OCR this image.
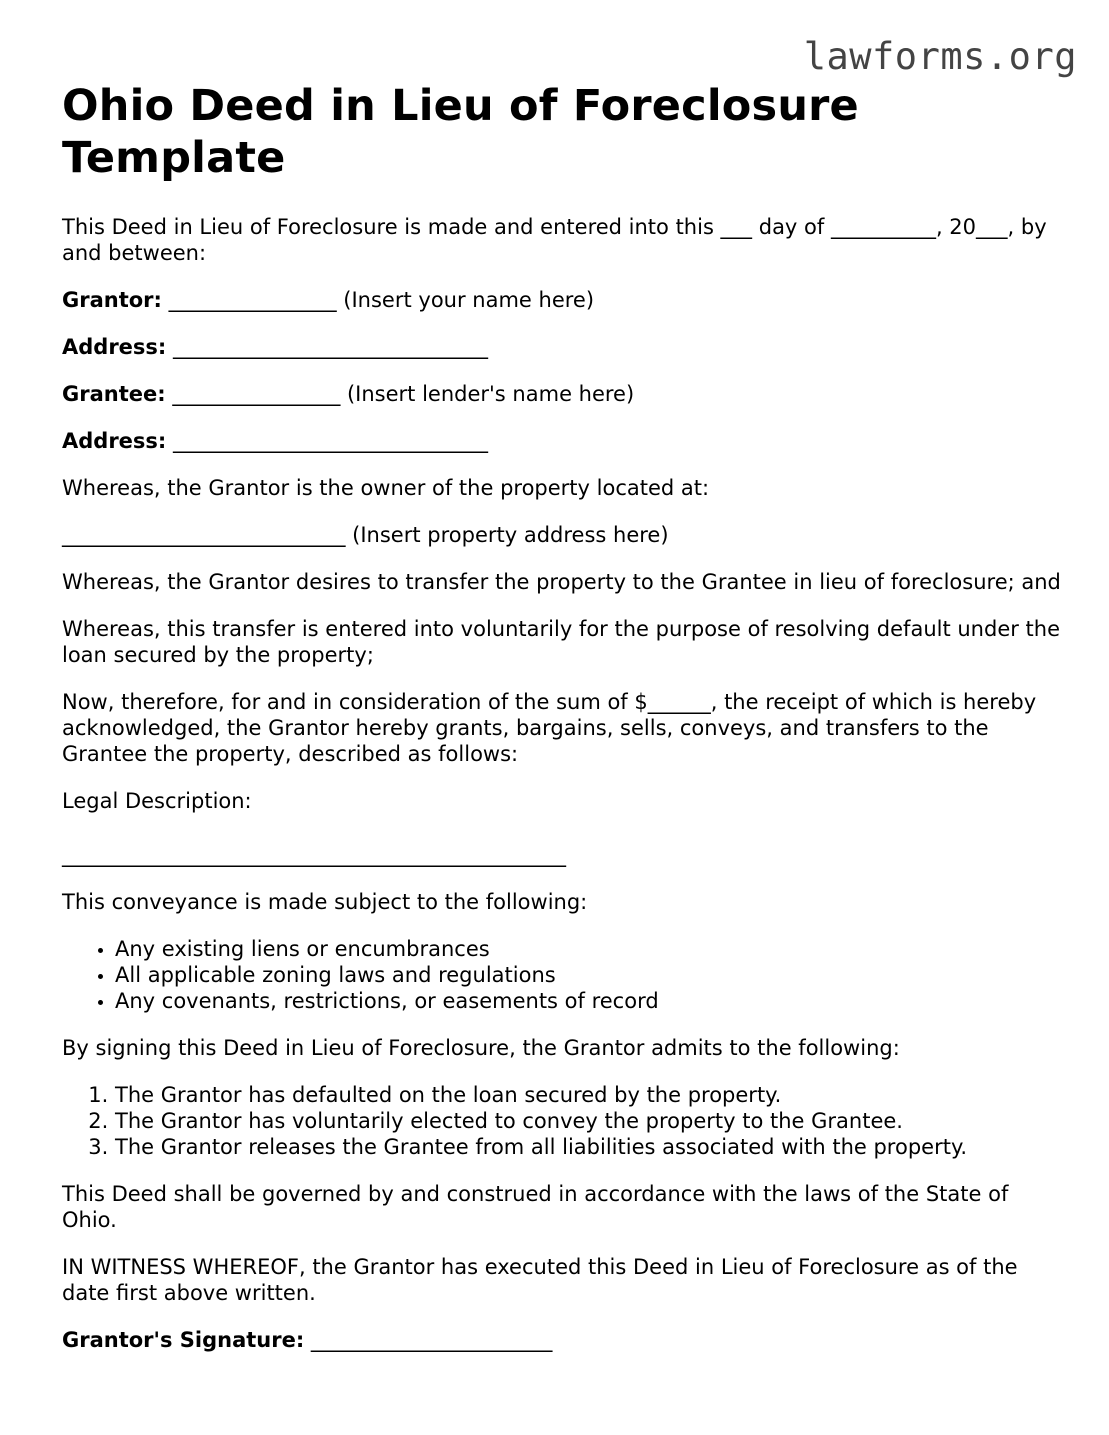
lawforms.org
Ohio Deed in Lieu of Foreclosure Template

This Deed in Lieu of Foreclosure is made and entered into this ___ day of __________, 20___, by and between:

Grantor: ________________ (Insert your name here)

Address: ______________________________

Grantee: ________________ (Insert lender's name here)

Address: ______________________________

Whereas, the Grantor is the owner of the property located at:

___________________________ (Insert property address here)

Whereas, the Grantor desires to transfer the property to the Grantee in lieu of foreclosure; and

Whereas, this transfer is entered into voluntarily for the purpose of resolving default under the loan secured by the property;

Now, therefore, for and in consideration of the sum of $______, the receipt of which is hereby acknowledged, the Grantor hereby grants, bargains, sells, conveys, and transfers to the Grantee the property, described as follows:

Legal Description:

________________________________________________

This conveyance is made subject to the following:

• Any existing liens or encumbrances
• All applicable zoning laws and regulations
• Any covenants, restrictions, or easements of record

By signing this Deed in Lieu of Foreclosure, the Grantor admits to the following:

1. The Grantor has defaulted on the loan secured by the property.
2. The Grantor has voluntarily elected to convey the property to the Grantee.
3. The Grantor releases the Grantee from all liabilities associated with the property.

This Deed shall be governed by and construed in accordance with the laws of the State of Ohio.

IN WITNESS WHEREOF, the Grantor has executed this Deed in Lieu of Foreclosure as of the date first above written.

Grantor's Signature: _______________________
